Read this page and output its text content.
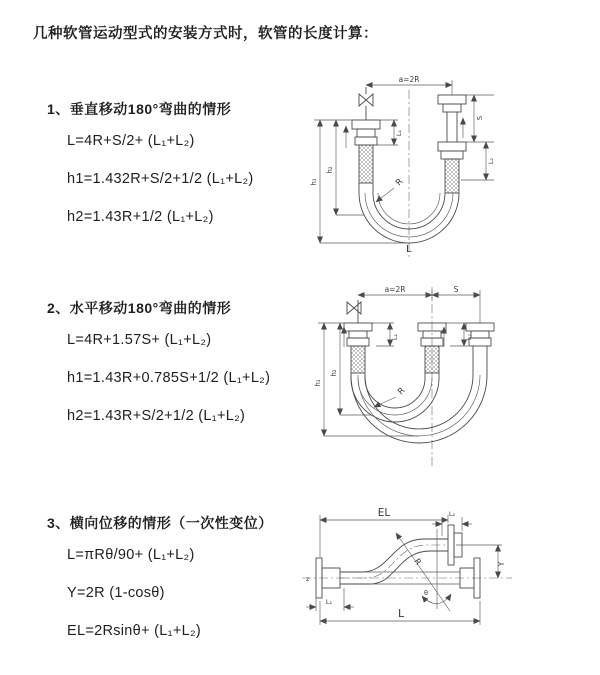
几种软管运动型式的安装方式时，软管的长度计算：
1、垂直移动180°弯曲的情形
L=4R+S/2+ (L₁+L₂)
h1=1.432R+S/2+1/2 (L₁+L₂)
h2=1.43R+1/2 (L₁+L₂)
2、水平移动180°弯曲的情形
L=4R+1.57S+ (L₁+L₂)
h1=1.43R+0.785S+1/2 (L₁+L₂)
h2=1.43R+S/2+1/2 (L₁+L₂)
3、横向位移的情形（一次性变位）
L=πRθ/90+ (L₁+L₂)
Y=2R (1-cosθ)
EL=2Rsinθ+ (L₁+L₂)
a=2R
S
L₁
L₂
h₁
h₂
R
L
a=2R	S
L₁	L₂
h₁
h₂
R
EL	L₂
Y
R
θ
L
L₁
z
